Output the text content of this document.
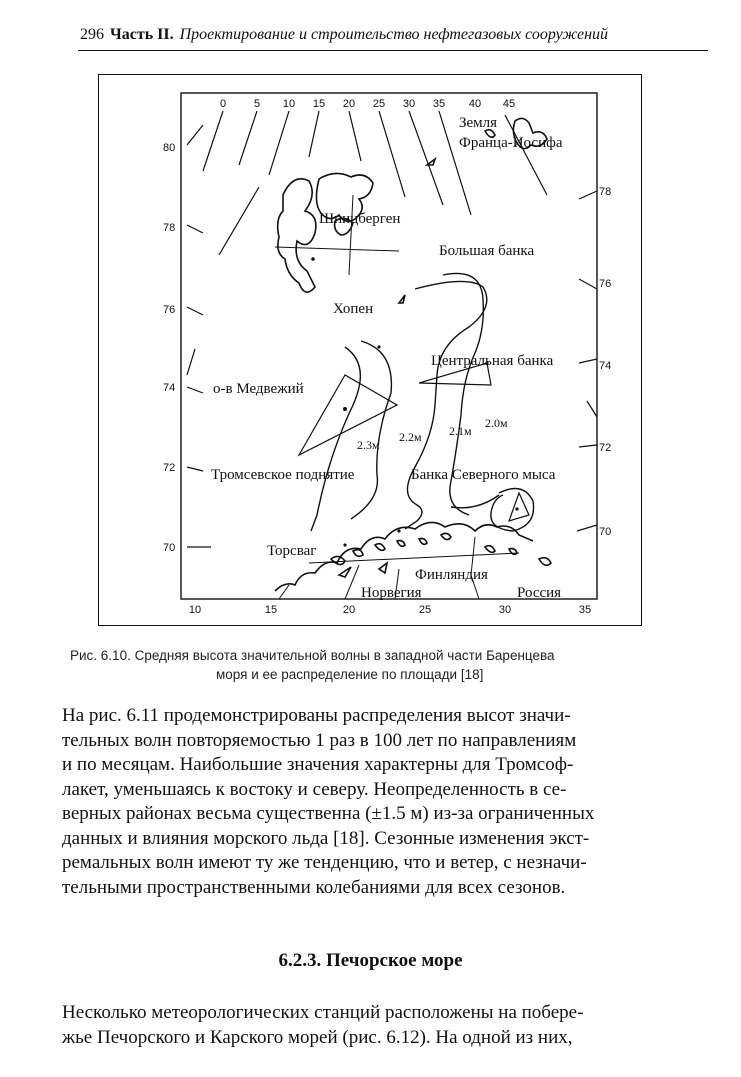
296 Часть II. Проектирование и строительство нефтегазовых сооружений
0	5 10 15 20 25 30 35 40 45
10	15	20	25	30	35
80
78
76
74
72
70
78
76
74
72
70
Земля
Франца-Иосифа
Шпицберген
Большая банка
Хопен
Центральная банка
о-в Медвежий
Тромсевское поднятие	Банка Северного мыса
Торсваг
Финляндия
Норвегия	Россия
2.3м
2.2м 2.1м
2.0м
Рис. 6.10. Средняя высота значительной волны в западной части Баренцева
моря и ее распределение по площади [18]
На рис. 6.11 продемонстрированы распределения высот значи-
тельных волн повторяемостью 1 раз в 100 лет по направлениям
и по месяцам. Наибольшие значения характерны для Тромсоф-
лакет, уменьшаясь к востоку и северу. Неопределенность в се-
верных районах весьма существенна (±1.5 м) из-за ограниченных
данных и влияния морского льда [18]. Сезонные изменения экст-
ремальных волн имеют ту же тенденцию, что и ветер, с незначи-
тельными пространственными колебаниями для всех сезонов.
6.2.3. Печорское море
Несколько метеорологических станций расположены на побере-
жье Печорского и Карского морей (рис. 6.12). На одной из них,
